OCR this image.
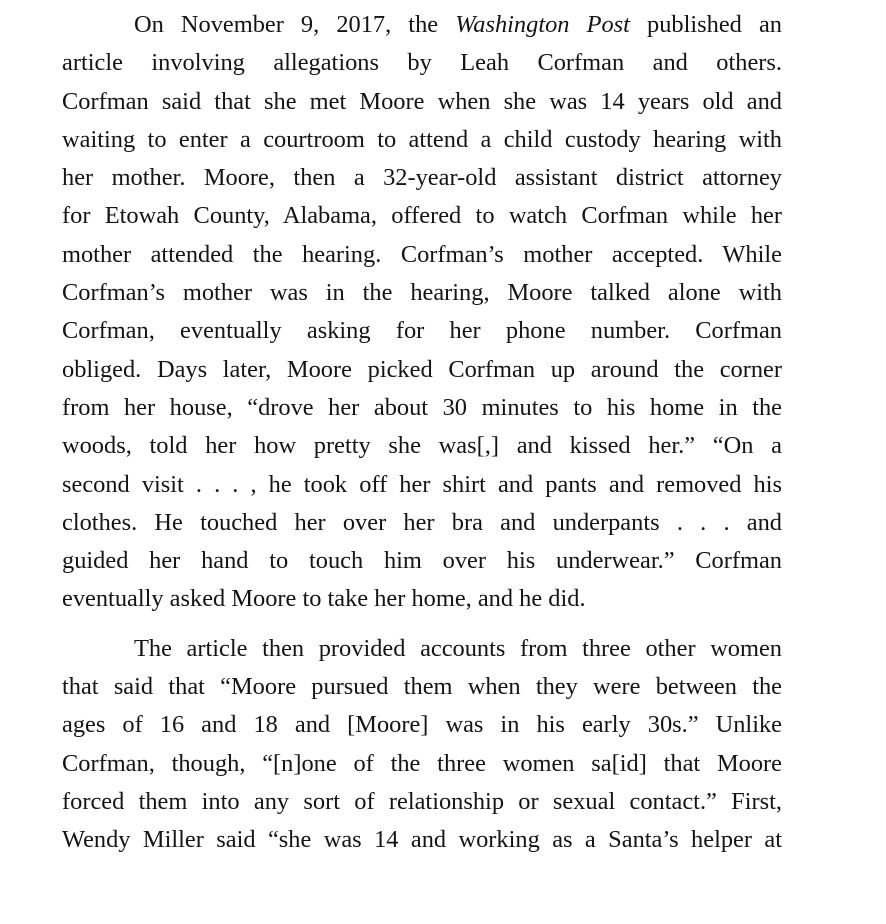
On November 9, 2017, the Washington Post published an
article involving allegations by Leah Corfman and others.
Corfman said that she met Moore when she was 14 years old and
waiting to enter a courtroom to attend a child custody hearing with
her mother. Moore, then a 32-year-old assistant district attorney
for Etowah County, Alabama, offered to watch Corfman while her
mother attended the hearing. Corfman’s mother accepted. While
Corfman’s mother was in the hearing, Moore talked alone with
Corfman, eventually asking for her phone number. Corfman
obliged. Days later, Moore picked Corfman up around the corner
from her house, “drove her about 30 minutes to his home in the
woods, told her how pretty she was[,] and kissed her.” “On a
second visit . . . , he took off her shirt and pants and removed his
clothes. He touched her over her bra and underpants . . . and
guided her hand to touch him over his underwear.” Corfman
eventually asked Moore to take her home, and he did.
The article then provided accounts from three other women
that said that “Moore pursued them when they were between the
ages of 16 and 18 and [Moore] was in his early 30s.” Unlike
Corfman, though, “[n]one of the three women sa[id] that Moore
forced them into any sort of relationship or sexual contact.” First,
Wendy Miller said “she was 14 and working as a Santa’s helper at
